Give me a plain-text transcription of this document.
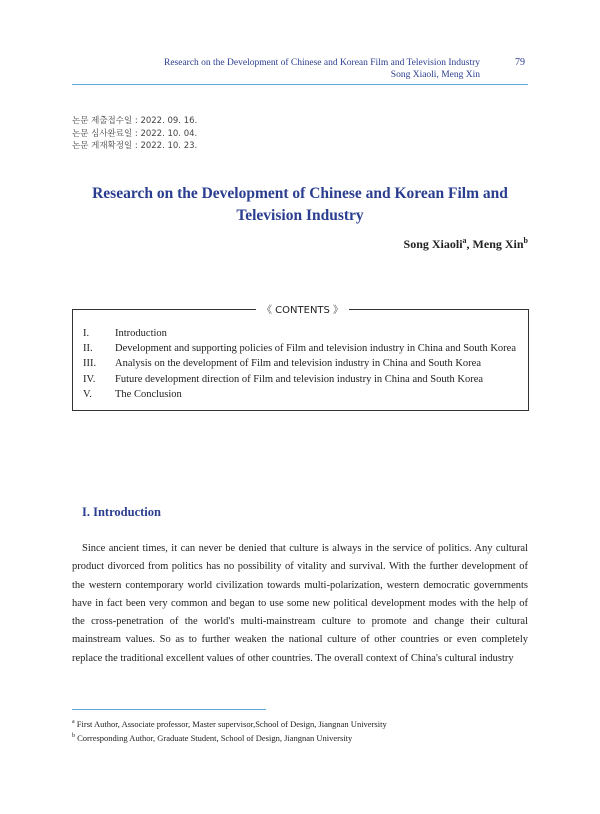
Research on the Development of Chinese and Korean Film and Television Industry
Song Xiaoli, Meng Xin
79
논문 제출접수일 : 2022. 09. 16.
논문 심사완료일 : 2022. 10. 04.
논문 게재확정일 : 2022. 10. 23.
Research on the Development of Chinese and Korean Film and
Television Industry
Song Xiaoli$^a$, Meng Xin$^b$
《 CONTENTS 》
I. Introduction
II. Development and supporting policies of Film and television industry in China and South Korea
III. Analysis on the development of Film and television industry in China and South Korea
IV. Future development direction of Film and television industry in China and South Korea
V. The Conclusion
I. Introduction
Since ancient times, it can never be denied that culture is always in the service of politics. Any cultural product divorced from politics has no possibility of vitality and survival. With the further development of the western contemporary world civilization towards multi-polarization, western democratic governments have in fact been very common and began to use some new political development modes with the help of the cross-penetration of the world's multi-mainstream culture to promote and change their cultural mainstream values. So as to further weaken the national culture of other countries or even completely replace the traditional excellent values of other countries. The overall context of China's cultural industry
$^a$ First Author, Associate professor, Master supervisor,School of Design, Jiangnan University
$^b$ Corresponding Author, Graduate Student, School of Design, Jiangnan University
